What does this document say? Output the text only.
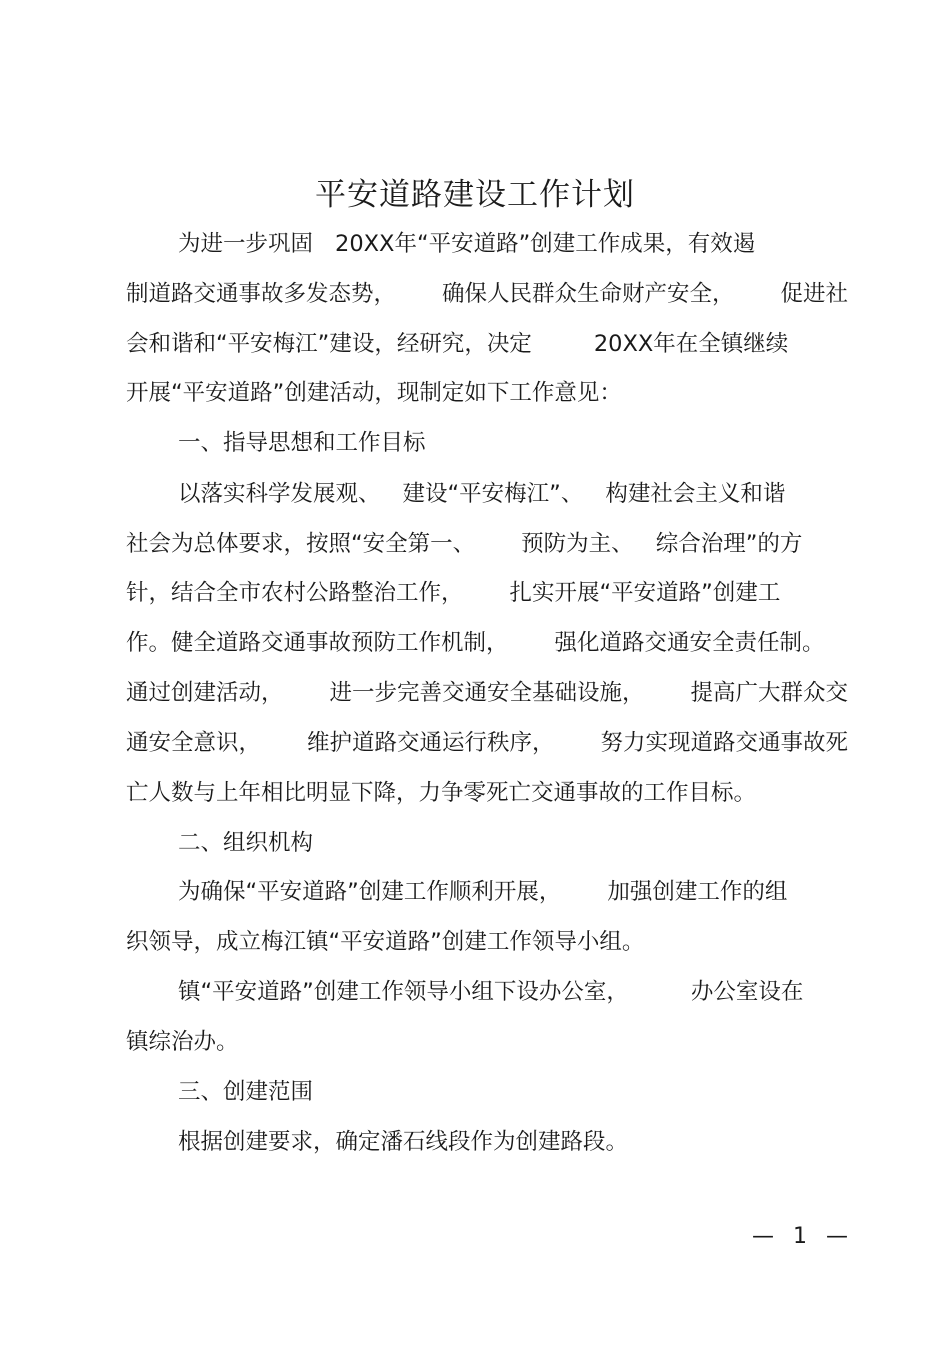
平安道路建设工作计划

为进一步巩固 20XX年“平安道路”创建工作成果，有效遏

制道路交通事故多发态势， 确保人民群众生命财产安全， 促进社

会和谐和“平安梅江”建设，经研究，决定	20XX年在全镇继续

开展“平安道路”创建活动，现制定如下工作意见：

一、指导思想和工作目标

以落实科学发展观、 建设“平安梅江”、 构建社会主义和谐

社会为总体要求，按照“安全第一、 预防为主、 综合治理”的方

针，结合全市农村公路整治工作， 扎实开展“平安道路”创建工

作。健全道路交通事故预防工作机制， 强化道路交通安全责任制。

通过创建活动， 进一步完善交通安全基础设施， 提高广大群众交

通安全意识， 维护道路交通运行秩序， 努力实现道路交通事故死

亡人数与上年相比明显下降，力争零死亡交通事故的工作目标。

二、组织机构

为确保“平安道路”创建工作顺利开展， 加强创建工作的组

织领导，成立梅江镇“平安道路”创建工作领导小组。

镇“平安道路”创建工作领导小组下设办公室，	办公室设在

镇综治办。

三、创建范围

根据创建要求，确定潘石线段作为创建路段。

— 1 —
